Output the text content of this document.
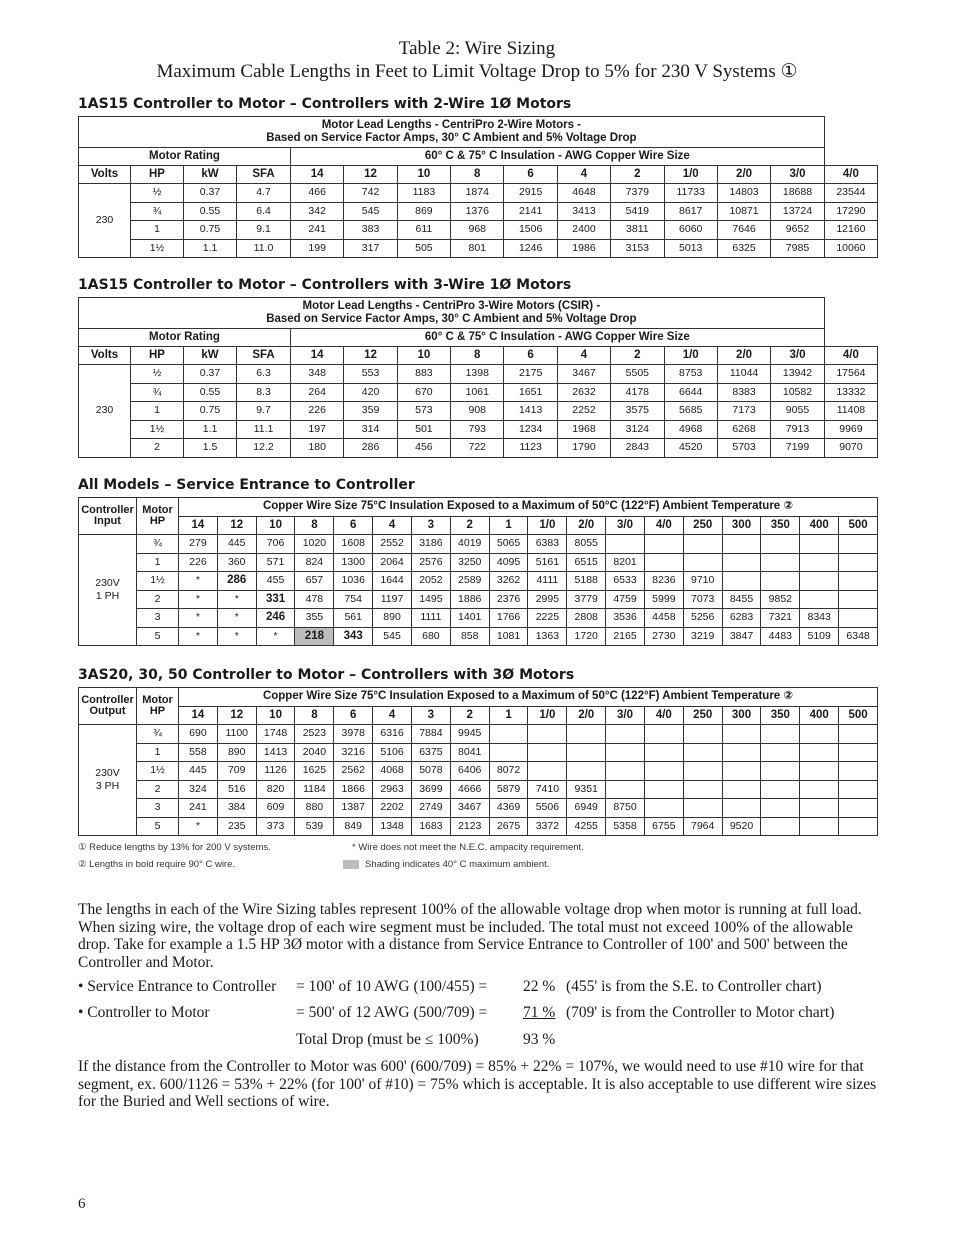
Table 2: Wire Sizing
Maximum Cable Lengths in Feet to Limit Voltage Drop to 5% for 230 V Systems ①
1AS15 Controller to Motor – Controllers with 2-Wire 1Ø Motors
Motor Lead Lengths - CentriPro 2-Wire Motors -
Based on Service Factor Amps, 30° C Ambient and 5% Voltage Drop														
Motor Rating				60° C & 75° C Insulation - AWG Copper Wire Size										
Volts	HP	kW	SFA	14	12	10	8	6	4	2	1/0	2/0	3/0	4/0
230	½	0.37	4.7	466	742	1183	1874	2915	4648	7379	11733	14803	18688	23544
	¾	0.55	6.4	342	545	869	1376	2141	3413	5419	8617	10871	13724	17290
	1	0.75	9.1	241	383	611	968	1506	2400	3811	6060	7646	9652	12160
	1½	1.1	11.0	199	317	505	801	1246	1986	3153	5013	6325	7985	10060
1AS15 Controller to Motor – Controllers with 3-Wire 1Ø Motors
Motor Lead Lengths - CentriPro 3-Wire Motors (CSIR) -
Based on Service Factor Amps, 30° C Ambient and 5% Voltage Drop														
Motor Rating				60° C & 75° C Insulation - AWG Copper Wire Size										
Volts	HP	kW	SFA	14	12	10	8	6	4	2	1/0	2/0	3/0	4/0
230	½	0.37	6.3	348	553	883	1398	2175	3467	5505	8753	11044	13942	17564
	¾	0.55	8.3	264	420	670	1061	1651	2632	4178	6644	8383	10582	13332
	1	0.75	9.7	226	359	573	908	1413	2252	3575	5685	7173	9055	11408
	1½	1.1	11.1	197	314	501	793	1234	1968	3124	4968	6268	7913	9969
	2	1.5	12.2	180	286	456	722	1123	1790	2843	4520	5703	7199	9070
All Models – Service Entrance to Controller
Controller
Input	Motor
HP	Copper Wire Size 75°C Insulation Exposed to a Maximum of 50°C (122°F) Ambient Temperature ②																	
		14	12	10	8	6	4	3	2	1	1/0	2/0	3/0	4/0	250	300	350	400	500
230V
1 PH	¾	279	445	706	1020	1608	2552	3186	4019	5065	6383	8055							
	1	226	360	571	824	1300	2064	2576	3250	4095	5161	6515	8201						
	1½	*	286	455	657	1036	1644	2052	2589	3262	4111	5188	6533	8236	9710				
	2	*	*	331	478	754	1197	1495	1886	2376	2995	3779	4759	5999	7073	8455	9852		
	3	*	*	246	355	561	890	1111	1401	1766	2225	2808	3536	4458	5256	6283	7321	8343	
	5	*	*	*	218	343	545	680	858	1081	1363	1720	2165	2730	3219	3847	4483	5109	6348
3AS20, 30, 50 Controller to Motor – Controllers with 3Ø Motors
Controller
Output	Motor
HP	Copper Wire Size 75°C Insulation Exposed to a Maximum of 50°C (122°F) Ambient Temperature ②																	
		14	12	10	8	6	4	3	2	1	1/0	2/0	3/0	4/0	250	300	350	400	500
230V
3 PH	¾	690	1100	1748	2523	3978	6316	7884	9945										
	1	558	890	1413	2040	3216	5106	6375	8041										
	1½	445	709	1126	1625	2562	4068	5078	6406	8072									
	2	324	516	820	1184	1866	2963	3699	4666	5879	7410	9351							
	3	241	384	609	880	1387	2202	2749	3467	4369	5506	6949	8750						
	5	*	235	373	539	849	1348	1683	2123	2675	3372	4255	5358	6755	7964	9520			
① Reduce lengths by 13% for 200 V systems.
② Lengths in bold require 90° C wire.
* Wire does not meet the N.E.C. ampacity requirement.
Shading indicates 40° C maximum ambient.

The lengths in each of the Wire Sizing tables represent 100% of the allowable voltage drop when motor is running at full load. When sizing wire, the voltage drop of each wire segment must be included. The total must not exceed 100% of the allowable drop. Take for example a 1.5 HP 3Ø motor with a distance from Service Entrance to Controller of 100' and 500' between the Controller and Motor.

• Service Entrance to Controller = 100' of 10 AWG (100/455) = 22 % (455' is from the S.E. to Controller chart)
• Controller to Motor	= 500' of 12 AWG (500/709) = 71 % (709' is from the Controller to Motor chart)
Total Drop (must be ≤ 100%)	93 %

If the distance from the Controller to Motor was 600' (600/709) = 85% + 22% = 107%, we would need to use #10 wire for that segment, ex. 600/1126 = 53% + 22% (for 100' of #10) = 75% which is acceptable. It is also acceptable to use different wire sizes for the Buried and Well sections of wire.

6
